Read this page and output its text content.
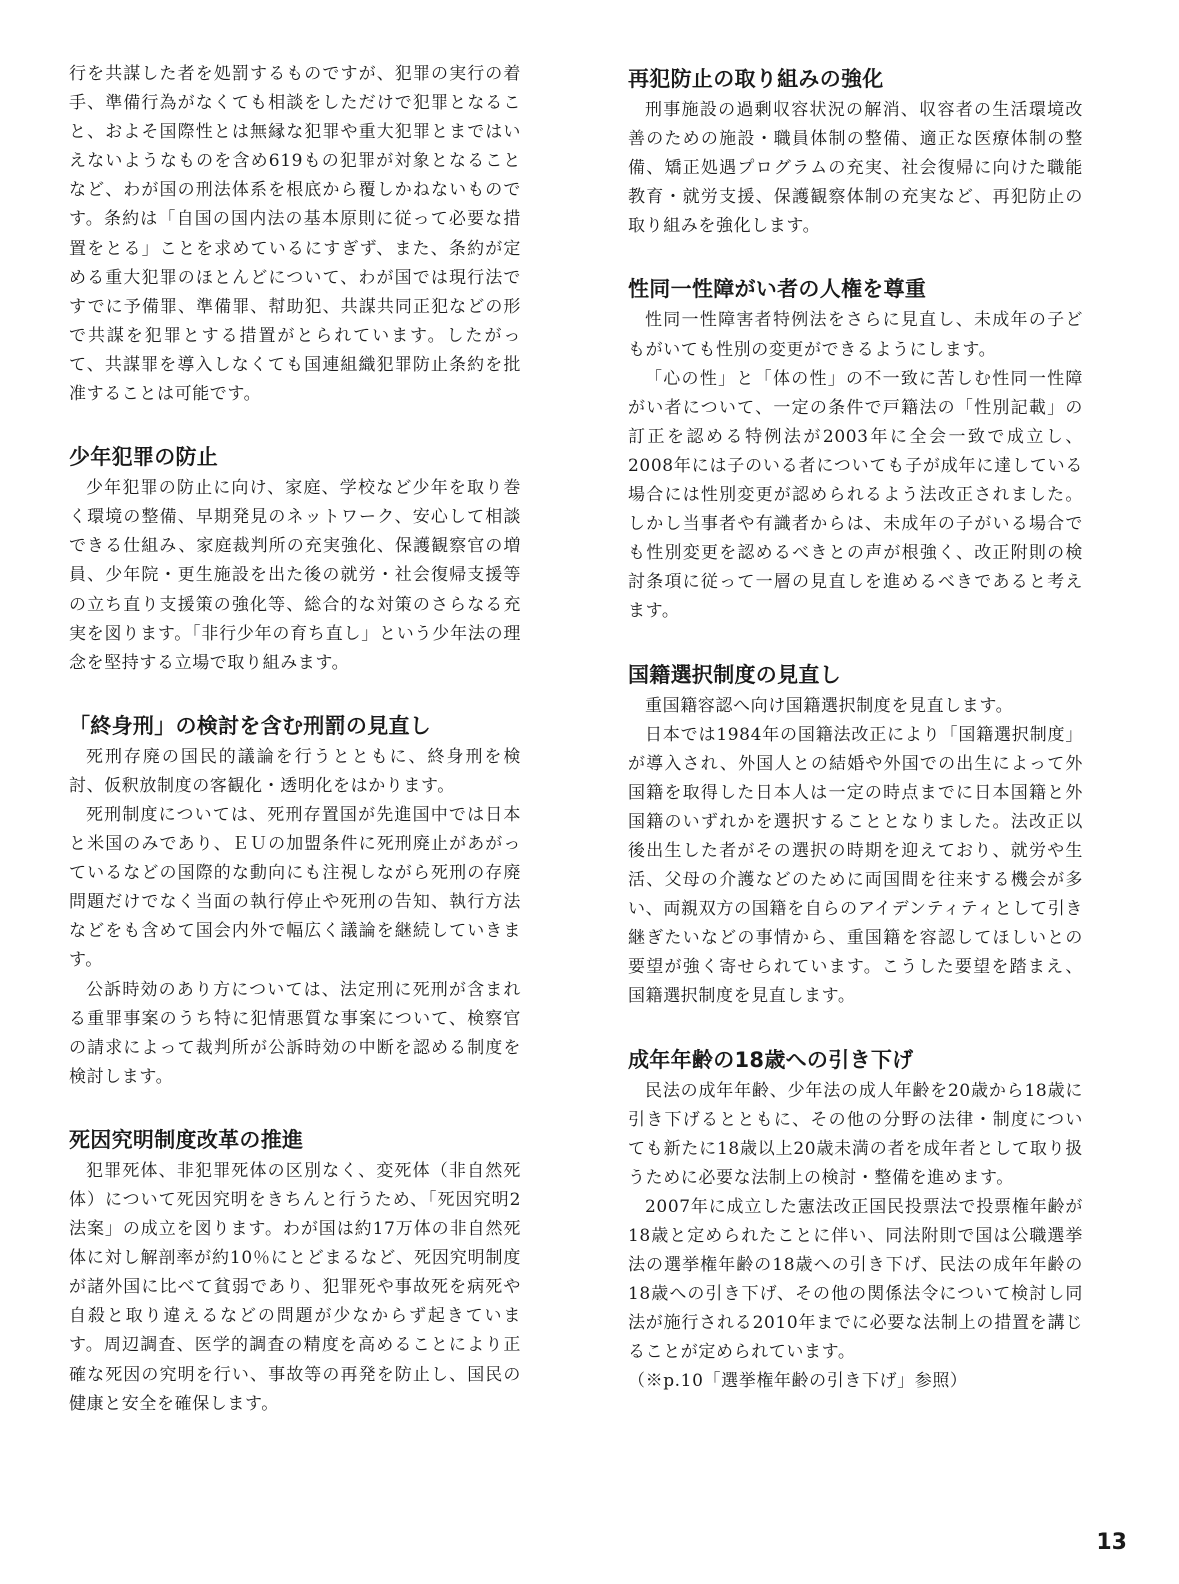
行を共謀した者を処罰するものですが、犯罪の実行の着手、準備行為がなくても相談をしただけで犯罪となること、およそ国際性とは無縁な犯罪や重大犯罪とまではいえないようなものを含め619もの犯罪が対象となることなど、わが国の刑法体系を根底から覆しかねないものです。条約は「自国の国内法の基本原則に従って必要な措置をとる」ことを求めているにすぎず、また、条約が定める重大犯罪のほとんどについて、わが国では現行法ですでに予備罪、準備罪、幇助犯、共謀共同正犯などの形で共謀を犯罪とする措置がとられています。したがって、共謀罪を導入しなくても国連組織犯罪防止条約を批准することは可能です。

少年犯罪の防止

少年犯罪の防止に向け、家庭、学校など少年を取り巻く環境の整備、早期発見のネットワーク、安心して相談できる仕組み、家庭裁判所の充実強化、保護観察官の増員、少年院・更生施設を出た後の就労・社会復帰支援等の立ち直り支援策の強化等、総合的な対策のさらなる充実を図ります。「非行少年の育ち直し」という少年法の理念を堅持する立場で取り組みます。

「終身刑」の検討を含む刑罰の見直し

死刑存廃の国民的議論を行うとともに、終身刑を検討、仮釈放制度の客観化・透明化をはかります。

死刑制度については、死刑存置国が先進国中では日本と米国のみであり、ＥＵの加盟条件に死刑廃止があがっているなどの国際的な動向にも注視しながら死刑の存廃問題だけでなく当面の執行停止や死刑の告知、執行方法などをも含めて国会内外で幅広く議論を継続していきます。

公訴時効のあり方については、法定刑に死刑が含まれる重罪事案のうち特に犯情悪質な事案について、検察官の請求によって裁判所が公訴時効の中断を認める制度を検討します。

死因究明制度改革の推進

犯罪死体、非犯罪死体の区別なく、変死体（非自然死体）について死因究明をきちんと行うため、「死因究明2法案」の成立を図ります。わが国は約17万体の非自然死体に対し解剖率が約10％にとどまるなど、死因究明制度が諸外国に比べて貧弱であり、犯罪死や事故死を病死や自殺と取り違えるなどの問題が少なからず起きています。周辺調査、医学的調査の精度を高めることにより正確な死因の究明を行い、事故等の再発を防止し、国民の健康と安全を確保します。

再犯防止の取り組みの強化

刑事施設の過剰収容状況の解消、収容者の生活環境改善のための施設・職員体制の整備、適正な医療体制の整備、矯正処遇プログラムの充実、社会復帰に向けた職能教育・就労支援、保護観察体制の充実など、再犯防止の取り組みを強化します。

性同一性障がい者の人権を尊重

性同一性障害者特例法をさらに見直し、未成年の子どもがいても性別の変更ができるようにします。

「心の性」と「体の性」の不一致に苦しむ性同一性障がい者について、一定の条件で戸籍法の「性別記載」の訂正を認める特例法が2003年に全会一致で成立し、2008年には子のいる者についても子が成年に達している場合には性別変更が認められるよう法改正されました。しかし当事者や有識者からは、未成年の子がいる場合でも性別変更を認めるべきとの声が根強く、改正附則の検討条項に従って一層の見直しを進めるべきであると考えます。

国籍選択制度の見直し

重国籍容認へ向け国籍選択制度を見直します。

日本では1984年の国籍法改正により「国籍選択制度」が導入され、外国人との結婚や外国での出生によって外国籍を取得した日本人は一定の時点までに日本国籍と外国籍のいずれかを選択することとなりました。法改正以後出生した者がその選択の時期を迎えており、就労や生活、父母の介護などのために両国間を往来する機会が多い、両親双方の国籍を自らのアイデンティティとして引き継ぎたいなどの事情から、重国籍を容認してほしいとの要望が強く寄せられています。こうした要望を踏まえ、国籍選択制度を見直します。

成年年齢の18歳への引き下げ

民法の成年年齢、少年法の成人年齢を20歳から18歳に引き下げるとともに、その他の分野の法律・制度についても新たに18歳以上20歳未満の者を成年者として取り扱うために必要な法制上の検討・整備を進めます。

2007年に成立した憲法改正国民投票法で投票権年齢が18歳と定められたことに伴い、同法附則で国は公職選挙法の選挙権年齢の18歳への引き下げ、民法の成年年齢の18歳への引き下げ、その他の関係法令について検討し同法が施行される2010年までに必要な法制上の措置を講じることが定められています。

（※p.10「選挙権年齢の引き下げ」参照）

13
